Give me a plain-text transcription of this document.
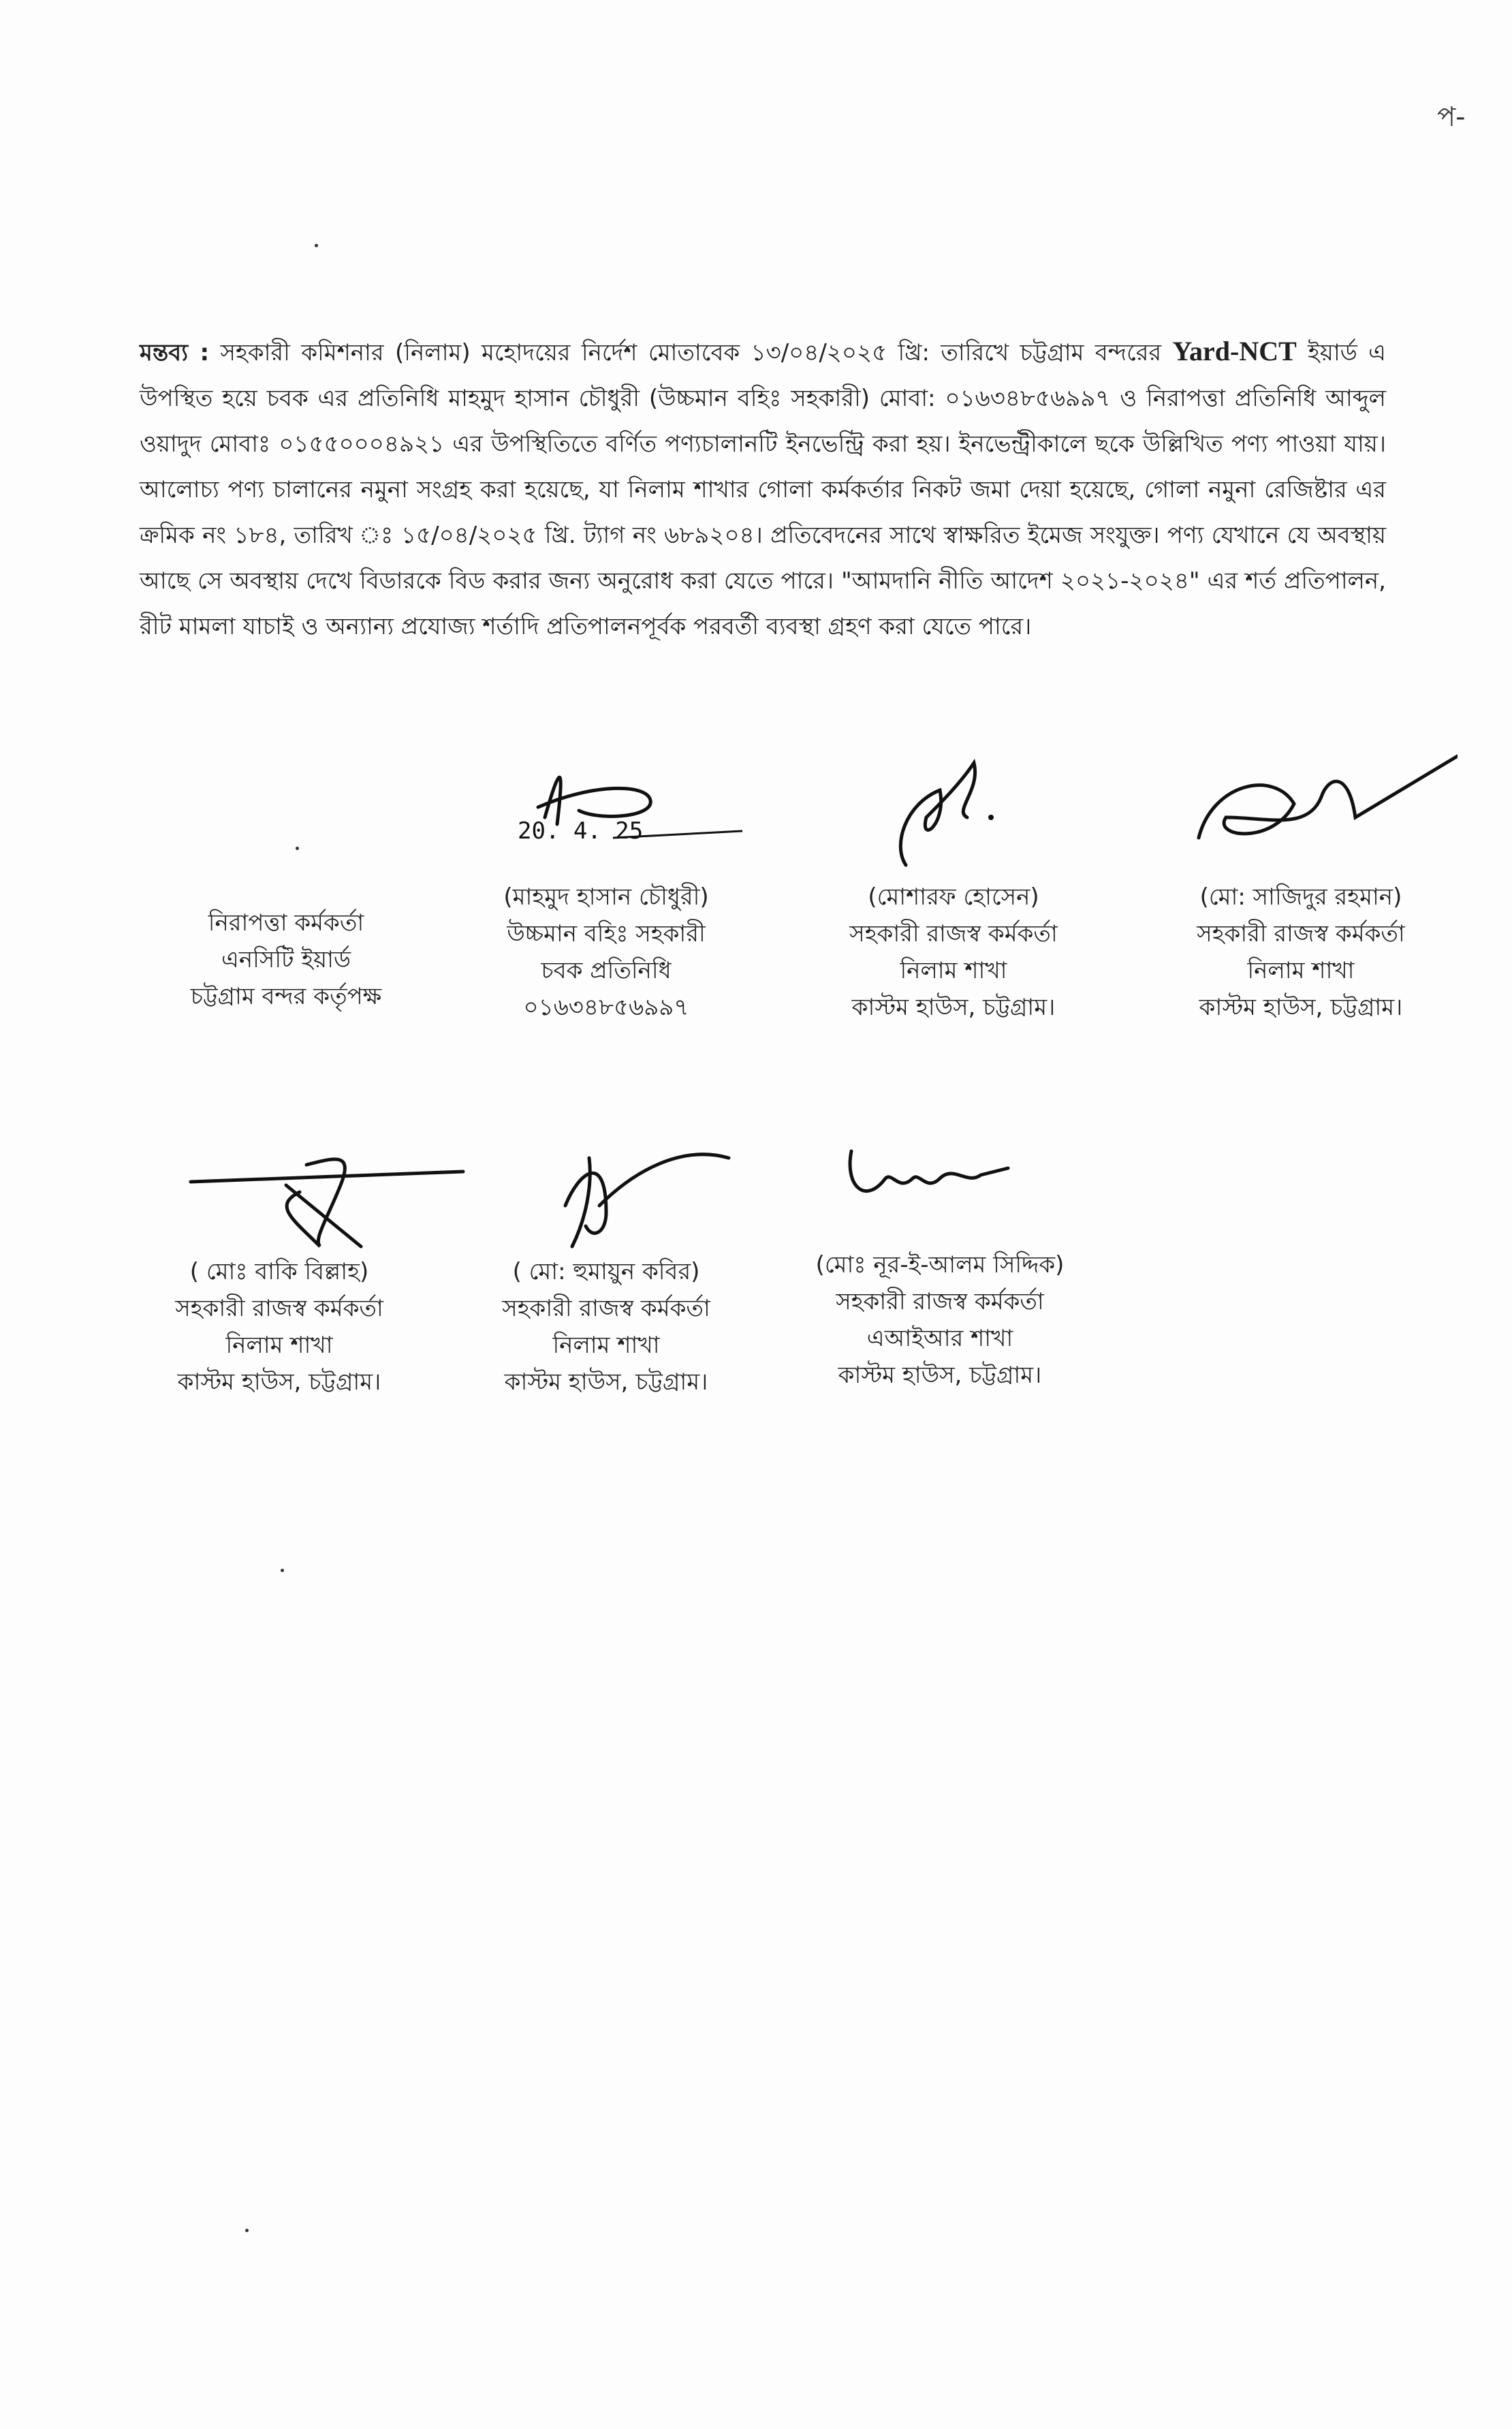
প-

মন্তব্য : সহকারী কমিশনার (নিলাম) মহোদয়ের নির্দেশ মোতাবেক ১৩/০৪/২০২৫ খ্রি: তারিখে চট্টগ্রাম বন্দরের Yard-NCT ইয়ার্ড এ উপস্থিত হয়ে চবক এর প্রতিনিধি মাহমুদ হাসান চৌধুরী (উচ্চমান বহিঃ সহকারী) মোবা: ০১৬৩৪৮৫৬৯৯৭ ও নিরাপত্তা প্রতিনিধি আব্দুল ওয়াদুদ মোবাঃ ০১৫৫০০০৪৯২১ এর উপস্থিতিতে বর্ণিত পণ্যচালানটি ইনভেন্ট্রি করা হয়। ইনভেন্ট্রীকালে ছকে উল্লিখিত পণ্য পাওয়া যায়। আলোচ্য পণ্য চালানের নমুনা সংগ্রহ করা হয়েছে, যা নিলাম শাখার গোলা কর্মকর্তার নিকট জমা দেয়া হয়েছে, গোলা নমুনা রেজিষ্টার এর ক্রমিক নং ১৮৪, তারিখ ঃ ১৫/০৪/২০২৫ খ্রি. ট্যাগ নং ৬৮৯২০৪। প্রতিবেদনের সাথে স্বাক্ষরিত ইমেজ সংযুক্ত। পণ্য যেখানে যে অবস্থায় আছে সে অবস্থায় দেখে বিডারকে বিড করার জন্য অনুরোধ করা যেতে পারে। "আমদানি নীতি আদেশ ২০২১-২০২৪" এর শর্ত প্রতিপালন, রীট মামলা যাচাই ও অন্যান্য প্রযোজ্য শর্তাদি প্রতিপালনপূর্বক পরবর্তী ব্যবস্থা গ্রহণ করা যেতে পারে।

20. 4. 25
নিরাপত্তা কর্মকর্তা
এনসিটি ইয়ার্ড
চট্টগ্রাম বন্দর কর্তৃপক্ষ
(মাহমুদ হাসান চৌধুরী)
উচ্চমান বহিঃ সহকারী
চবক প্রতিনিধি
০১৬৩৪৮৫৬৯৯৭
(মোশারফ হোসেন)
সহকারী রাজস্ব কর্মকর্তা
নিলাম শাখা
কাস্টম হাউস, চট্টগ্রাম।
(মো: সাজিদুর রহমান)
সহকারী রাজস্ব কর্মকর্তা
নিলাম শাখা
কাস্টম হাউস, চট্টগ্রাম।
( মোঃ বাকি বিল্লাহ)
সহকারী রাজস্ব কর্মকর্তা
নিলাম শাখা
কাস্টম হাউস, চট্টগ্রাম।
( মো: হুমায়ুন কবির)
সহকারী রাজস্ব কর্মকর্তা
নিলাম শাখা
কাস্টম হাউস, চট্টগ্রাম।
(মোঃ নূর-ই-আলম সিদ্দিক)
সহকারী রাজস্ব কর্মকর্তা
এআইআর শাখা
কাস্টম হাউস, চট্টগ্রাম।
